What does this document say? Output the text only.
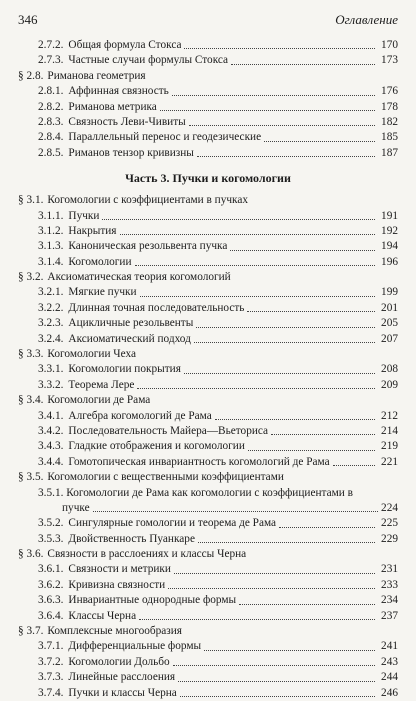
346	Оглавление
2.7.2. Общая формула Стокса	170
2.7.3. Частные случаи формулы Стокса	173
§ 2.8. Риманова геометрия
2.8.1. Аффинная связность	176
2.8.2. Риманова метрика	178
2.8.3. Связность Леви-Чивиты	182
2.8.4. Параллельный перенос и геодезические	185
2.8.5. Риманов тензор кривизны	187
Часть 3. Пучки и когомологии
§ 3.1. Когомологии с коэффициентами в пучках
3.1.1. Пучки	191
3.1.2. Накрытия	192
3.1.3. Каноническая резольвента пучка	194
3.1.4. Когомологии	196
§ 3.2. Аксиоматическая теория когомологий
3.2.1. Мягкие пучки	199
3.2.2. Длинная точная последовательность	201
3.2.3. Ацикличные резольвенты	205
3.2.4. Аксиоматический подход	207
§ 3.3. Когомологии Чеха
3.3.1. Когомологии покрытия	208
3.3.2. Теорема Лере	209
§ 3.4. Когомологии де Рама
3.4.1. Алгебра когомологий де Рама	212
3.4.2. Последовательность Майера—Вьеториса	214
3.4.3. Гладкие отображения и когомологии	219
3.4.4. Гомотопическая инвариантность когомологий де Рама	221
§ 3.5. Когомологии с вещественными коэффициентами
3.5.1. Когомологии де Рама как когомологии с коэффициентами в
пучке	224
3.5.2. Сингулярные гомологии и теорема де Рама	225
3.5.3. Двойственность Пуанкаре	229
§ 3.6. Связности в расслоениях и классы Черна
3.6.1. Связности и метрики	231
3.6.2. Кривизна связности	233
3.6.3. Инвариантные однородные формы	234
3.6.4. Классы Черна	237
§ 3.7. Комплексные многообразия
3.7.1. Дифференциальные формы	241
3.7.2. Когомологии Дольбо	243
3.7.3. Линейные расслоения	244
3.7.4. Пучки и классы Черна	246
